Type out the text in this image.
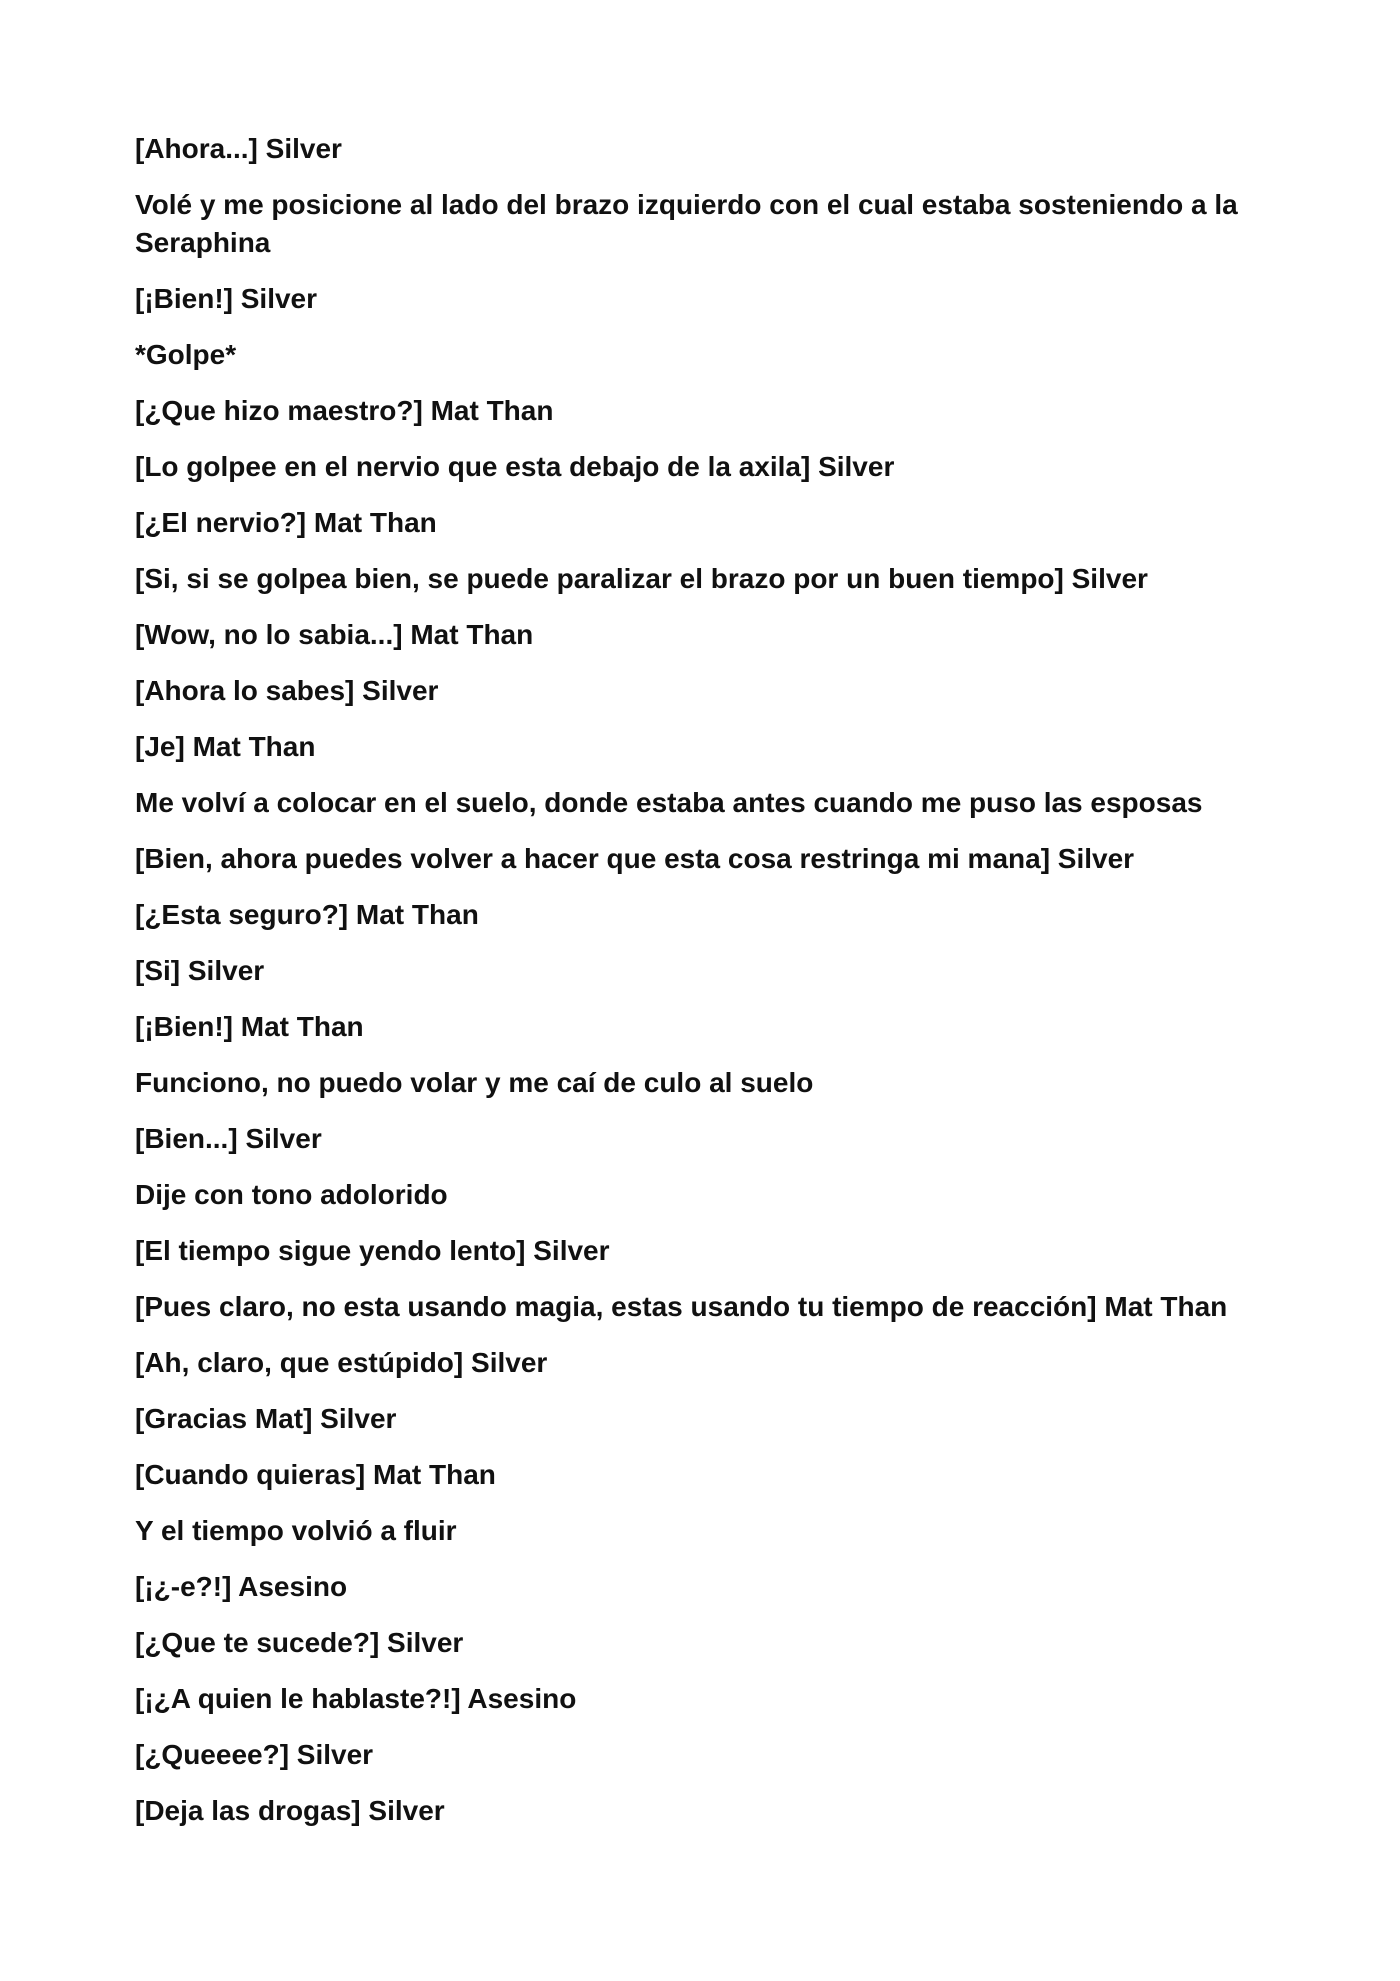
[Ahora...] Silver

Volé y me posicione al lado del brazo izquierdo con el cual estaba sosteniendo a la Seraphina

[¡Bien!] Silver

*Golpe*

[¿Que hizo maestro?] Mat Than

[Lo golpee en el nervio que esta debajo de la axila] Silver

[¿El nervio?] Mat Than

[Si, si se golpea bien, se puede paralizar el brazo por un buen tiempo] Silver

[Wow, no lo sabia...] Mat Than

[Ahora lo sabes] Silver

[Je] Mat Than

Me volví a colocar en el suelo, donde estaba antes cuando me puso las esposas

[Bien, ahora puedes volver a hacer que esta cosa restringa mi mana] Silver

[¿Esta seguro?] Mat Than

[Si] Silver

[¡Bien!] Mat Than

Funciono, no puedo volar y me caí de culo al suelo

[Bien...] Silver

Dije con tono adolorido

[El tiempo sigue yendo lento] Silver

[Pues claro, no esta usando magia, estas usando tu tiempo de reacción] Mat Than

[Ah, claro, que estúpido] Silver

[Gracias Mat] Silver

[Cuando quieras] Mat Than

Y el tiempo volvió a fluir

[¡¿-e?!] Asesino

[¿Que te sucede?] Silver

[¡¿A quien le hablaste?!] Asesino

[¿Queeee?] Silver

[Deja las drogas] Silver
